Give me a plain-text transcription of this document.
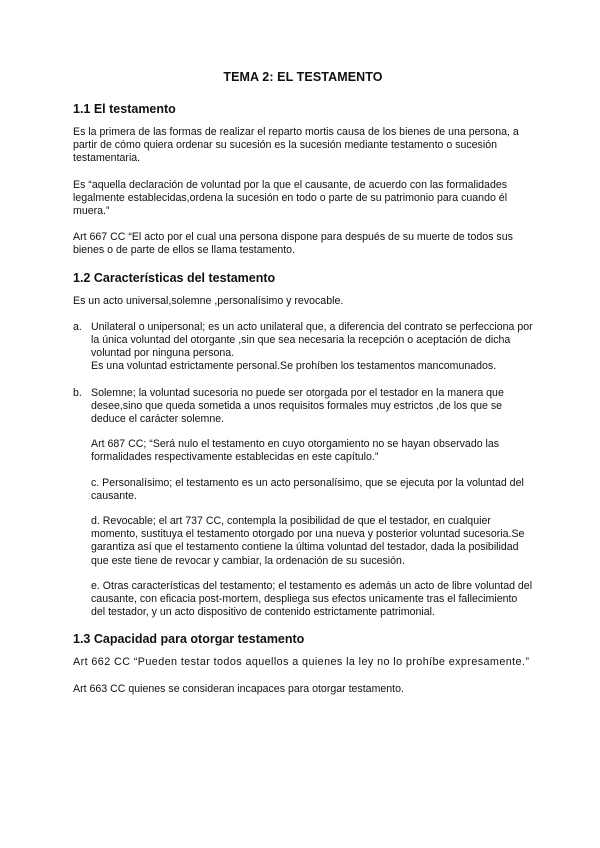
TEMA 2: EL TESTAMENTO
1.1 El testamento

Es la primera de las formas de realizar el reparto mortis causa de los bienes de una persona, a partir de cómo quiera ordenar su sucesión es la sucesión mediante testamento o sucesión testamentaria.

Es “aquella declaración de voluntad por la que el causante, de acuerdo con las formalidades legalmente establecidas,ordena la sucesión en todo o parte de su patrimonio para cuando él muera.”

Art 667 CC “El acto por el cual una persona dispone para después de su muerte de todos sus bienes o de parte de ellos se llama testamento.

1.2 Características del testamento

Es un acto universal,solemne ,personalísimo y revocable.

a. Unilateral o unipersonal; es un acto unilateral que, a diferencia del contrato se perfecciona por la única voluntad del otorgante ,sin que sea necesaria la recepción o aceptación de dicha voluntad por ninguna persona.
Es una voluntad estrictamente personal.Se prohíben los testamentos mancomunados.
b. Solemne; la voluntad sucesoria no puede ser otorgada por el testador en la manera que desee,sino que queda sometida a unos requisitos formales muy estrictos ,de los que se deduce el carácter solemne.

Art 687 CC; “Será nulo el testamento en cuyo otorgamiento no se hayan observado las formalidades respectivamente establecidas en este capítulo.”

c. Personalísimo; el testamento es un acto personalísimo, que se ejecuta por la voluntad del causante.

d. Revocable; el art 737 CC, contempla la posibilidad de que el testador, en cualquier momento, sustituya el testamento otorgado por una nueva y posterior voluntad sucesoria.Se garantiza así que el testamento contiene la última voluntad del testador, dada la posibilidad que este tiene de revocar y cambiar, la ordenación de su sucesión.

e. Otras características del testamento; el testamento es además un acto de libre voluntad del causante, con eficacia post-mortem, despliega sus efectos unicamente tras el fallecimiento del testador, y un acto dispositivo de contenido estrictamente patrimonial.

1.3 Capacidad para otorgar testamento

Art 662 CC “Pueden testar todos aquellos a quienes la ley no lo prohíbe expresamente.”

Art 663 CC quienes se consideran incapaces para otorgar testamento.
